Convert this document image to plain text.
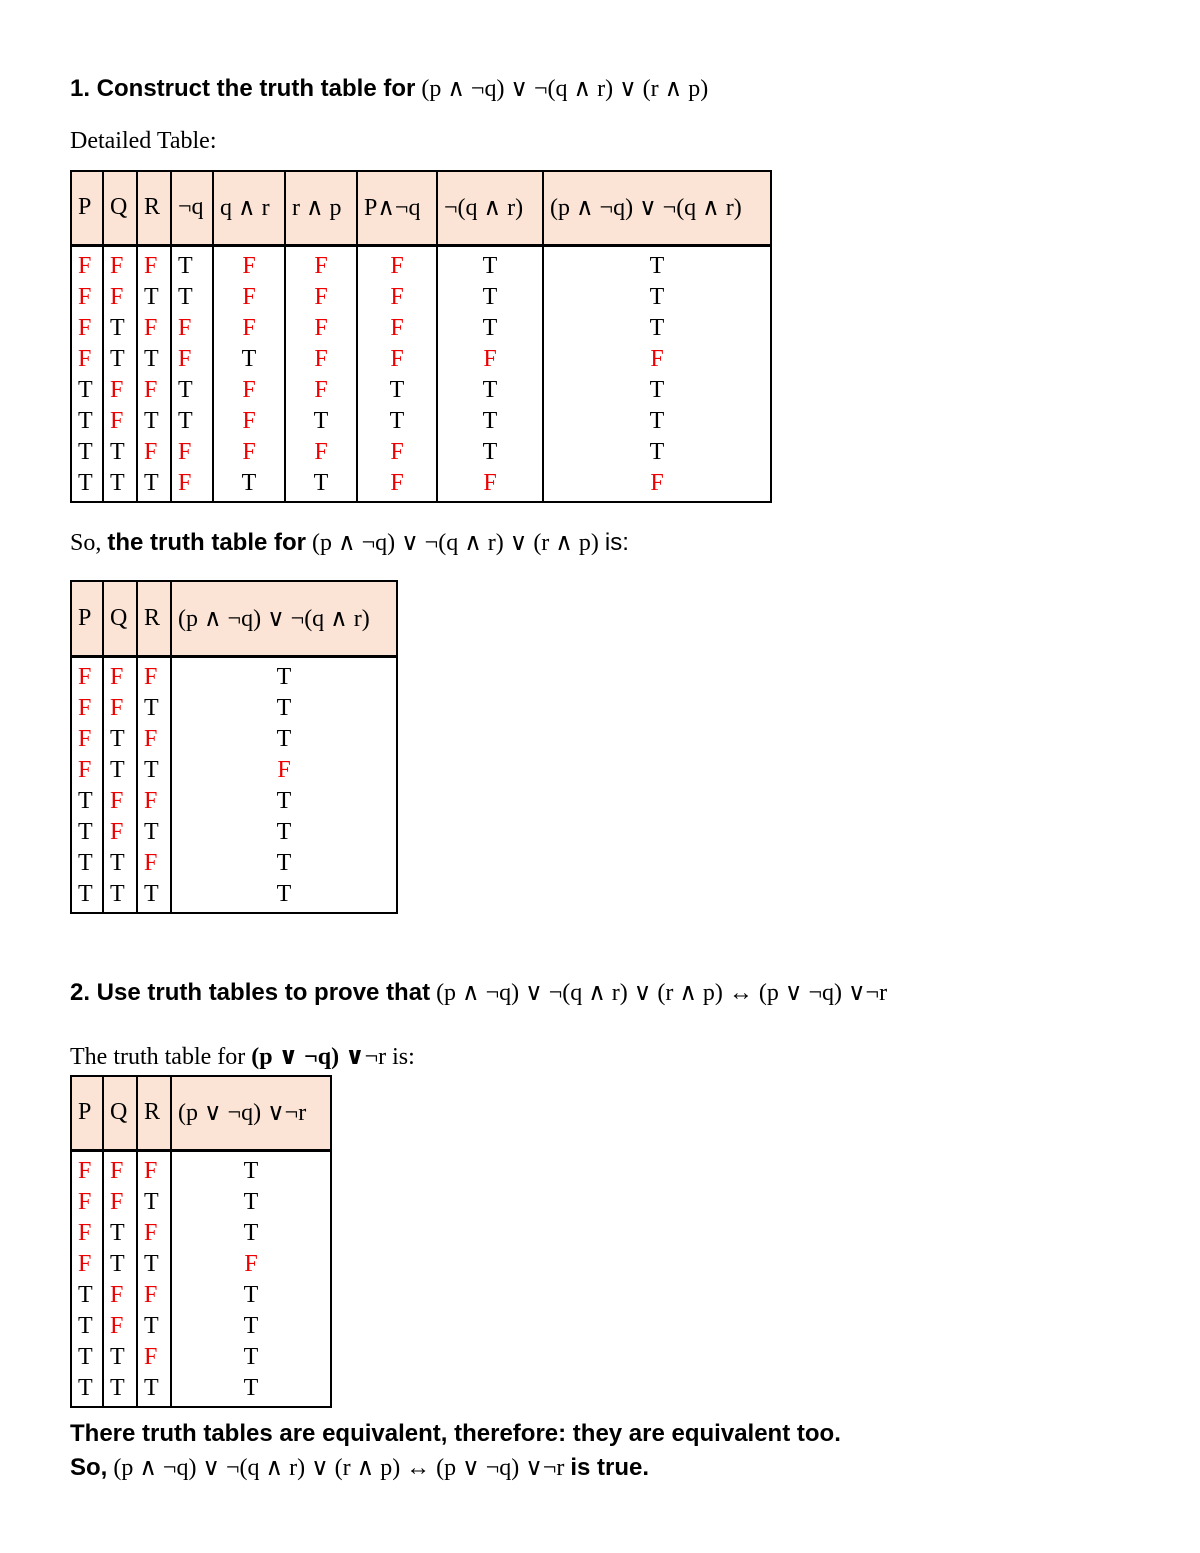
1. Construct the truth table for (p ∧ ¬q) ∨ ¬(q ∧ r) ∨ (r ∧ p)
Detailed Table:
P	Q	R	¬q	q ∧ r	r ∧ p	P∧¬q	¬(q ∧ r)	(p ∧ ¬q) ∨ ¬(q ∧ r)
F	F	F	T	F	F	F	T	T
F	F	T	T	F	F	F	T	T
F	T	F	F	F	F	F	T	T
F	T	T	F	T	F	F	F	F
T	F	F	T	F	F	T	T	T
T	F	T	T	F	T	T	T	T
T	T	F	F	F	F	F	T	T
T	T	T	F	T	T	F	F	F
So, the truth table for (p ∧ ¬q) ∨ ¬(q ∧ r) ∨ (r ∧ p) is:
P	Q	R	(p ∧ ¬q) ∨ ¬(q ∧ r)
F	F	F	T
F	F	T	T
F	T	F	T
F	T	T	F
T	F	F	T
T	F	T	T
T	T	F	T
T	T	T	T
2. Use truth tables to prove that (p ∧ ¬q) ∨ ¬(q ∧ r) ∨ (r ∧ p) ↔ (p ∨ ¬q) ∨¬r
The truth table for (p ∨ ¬q) ∨¬r is:
P	Q	R	(p ∨ ¬q) ∨¬r
F	F	F	T
F	F	T	T
F	T	F	T
F	T	T	F
T	F	F	T
T	F	T	T
T	T	F	T
T	T	T	T
There truth tables are equivalent, therefore: they are equivalent too.
So, (p ∧ ¬q) ∨ ¬(q ∧ r) ∨ (r ∧ p) ↔ (p ∨ ¬q) ∨¬r is true.
